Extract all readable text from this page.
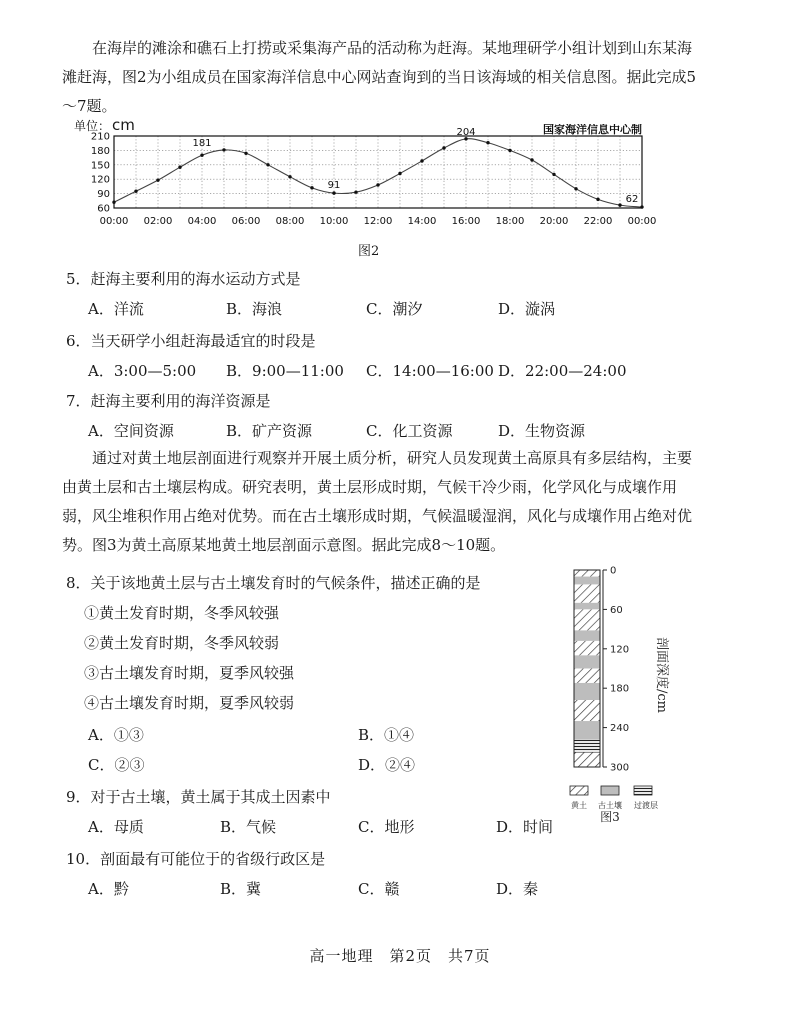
在海岸的滩涂和礁石上打捞或采集海产品的活动称为赶海。某地理研学小组计划到山东某海滩赶海，图2为小组成员在国家海洋信息中心网站查询到的当日该海域的相关信息图。据此完成5～7题。
单位： cm	国家海洋信息中心制
60
90
120
150
180
210
00:00 02:00 04:00 06:00 08:00 10:00 12:00 14:00 16:00 18:00 20:00 22:00 00:00
181
91
204
62
图2
5．赶海主要利用的海水运动方式是
A．洋流	B．海浪	C．潮汐	D．漩涡
6．当天研学小组赶海最适宜的时段是
A．3:00—5:00 B．9:00—11:00 C．14:00—16:00 D．22:00—24:00
7．赶海主要利用的海洋资源是
A．空间资源	B．矿产资源	C．化工资源	D．生物资源
通过对黄土地层剖面进行观察并开展土质分析，研究人员发现黄土高原具有多层结构，主要由黄土层和古土壤层构成。研究表明，黄土层形成时期，气候干冷少雨，化学风化与成壤作用弱，风尘堆积作用占绝对优势。而在古土壤形成时期，气候温暖湿润，风化与成壤作用占绝对优势。图3为黄土高原某地黄土地层剖面示意图。据此完成8～10题。
8．关于该地黄土层与古土壤发育时的气候条件，描述正确的是
①黄土发育时期，冬季风较强
②黄土发育时期，冬季风较弱
③古土壤发育时期，夏季风较强
④古土壤发育时期，夏季风较弱
A．①③	B．①④
C．②③	D．②④
9．对于古土壤，黄土属于其成土因素中
A．母质	B．气候	C．地形	D．时间
10．剖面最有可能位于的省级行政区是
A．黔	B．冀	C．赣	D．秦
0
60
120
180
240
300
剖面深度/cm
黄土 古土壤 过渡层
图3
高一地理　第2页　共7页
